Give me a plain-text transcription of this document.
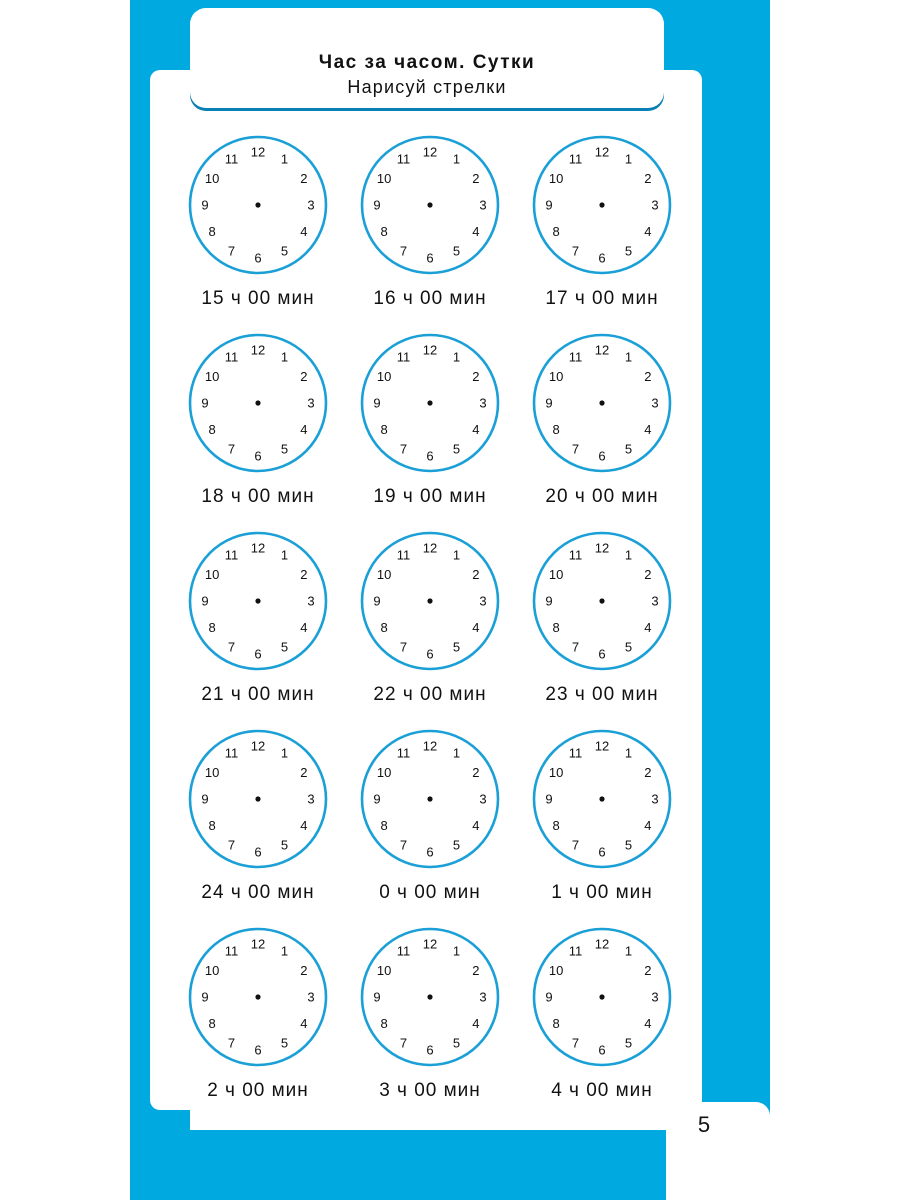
Час за часом. Сутки
Нарисуй стрелки
12 1
2
3
4
5
6
7
8
9
10
11
15 ч 00 мин
12 1
2
3
4
5
6
7
8
9
10
11
16 ч 00 мин
12 1
2
3
4
5
6
7
8
9
10
11
17 ч 00 мин
12 1
2
3
4
5
6
7
8
9
10
11
18 ч 00 мин
12 1
2
3
4
5
6
7
8
9
10
11
19 ч 00 мин
12 1
2
3
4
5
6
7
8
9
10
11
20 ч 00 мин
12 1
2
3
4
5
6
7
8
9
10
11
21 ч 00 мин
12 1
2
3
4
5
6
7
8
9
10
11
22 ч 00 мин
12 1
2
3
4
5
6
7
8
9
10
11
23 ч 00 мин
12 1
2
3
4
5
6
7
8
9
10
11
24 ч 00 мин
12 1
2
3
4
5
6
7
8
9
10
11
0 ч 00 мин
12 1
2
3
4
5
6
7
8
9
10
11
1 ч 00 мин
12 1
2
3
4
5
6
7
8
9
10
11
2 ч 00 мин
12 1
2
3
4
5
6
7
8
9
10
11
3 ч 00 мин
12 1
2
3
4
5
6
7
8
9
10
11
4 ч 00 мин
5
